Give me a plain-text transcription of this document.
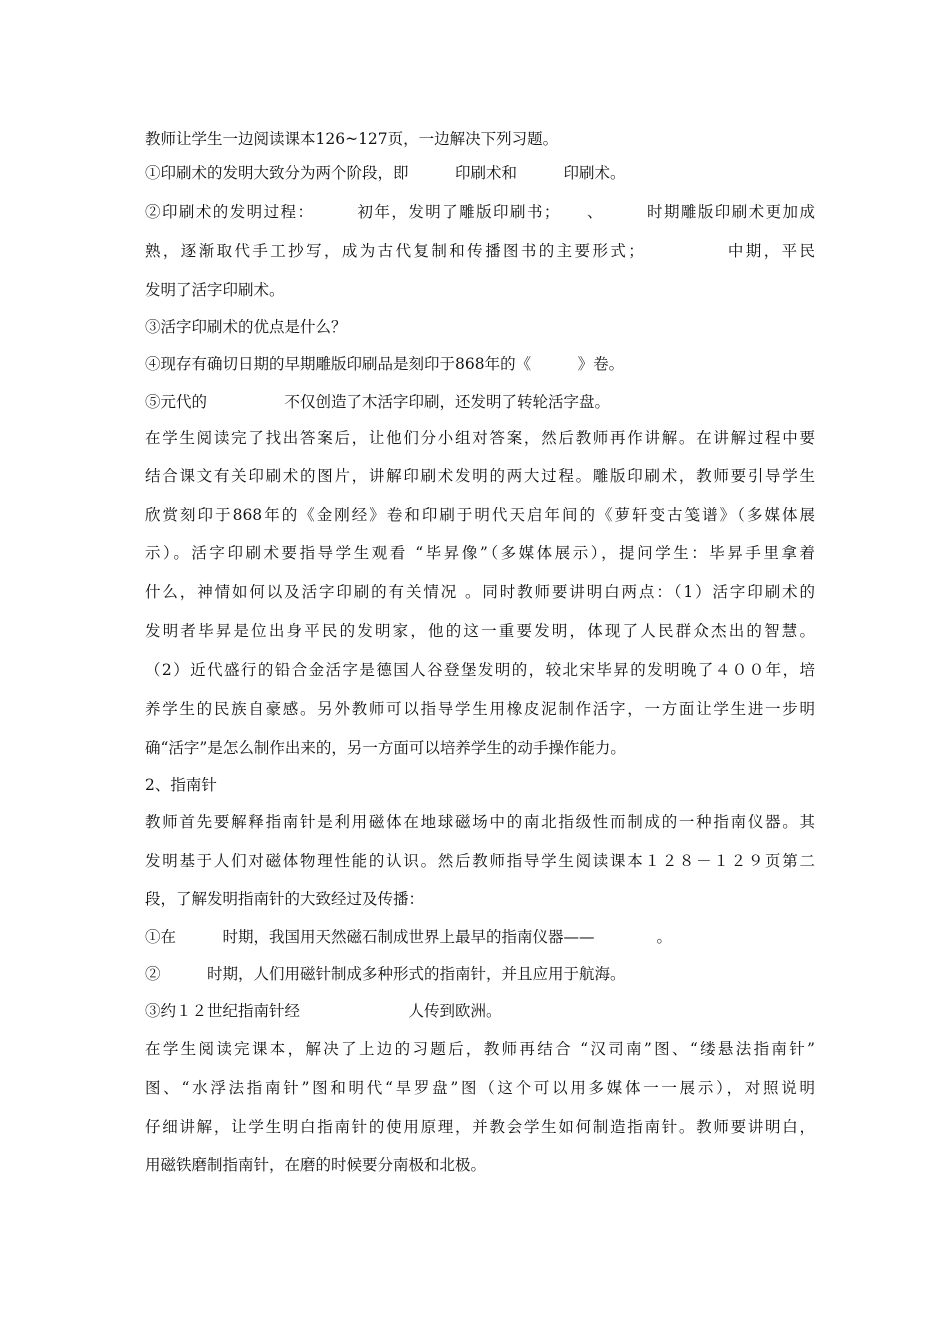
教师让学生一边阅读课本126~127页，一边解决下列习题。
①印刷术的发明大致分为两个阶段，即　　　印刷术和　　　印刷术。
②印刷术的发明过程：　　　初年，发明了雕版印刷书；　　、　　　时期雕版印刷术更加成
熟，逐渐取代手工抄写，成为古代复制和传播图书的主要形式；　　　　　中期，平民
发明了活字印刷术。
③活字印刷术的优点是什么？
④现存有确切日期的早期雕版印刷品是刻印于868年的《　　　》卷。
⑤元代的　　　　　不仅创造了木活字印刷，还发明了转轮活字盘。
在学生阅读完了找出答案后，让他们分小组对答案，然后教师再作讲解。在讲解过程中要
结合课文有关印刷术的图片，讲解印刷术发明的两大过程。雕版印刷术，教师要引导学生
欣赏刻印于868年的《金刚经》卷和印刷于明代天启年间的《萝轩变古笺谱》（多媒体展
示）。活字印刷术要指导学生观看 “毕昇像”（多媒体展示），提问学生：毕昇手里拿着
什么，神情如何以及活字印刷的有关情况 。同时教师要讲明白两点：（1）活字印刷术的
发明者毕昇是位出身平民的发明家，他的这一重要发明，体现了人民群众杰出的智慧。
（2）近代盛行的铅合金活字是德国人谷登堡发明的，较北宋毕昇的发明晚了４００年，培
养学生的民族自豪感。另外教师可以指导学生用橡皮泥制作活字，一方面让学生进一步明
确“活字”是怎么制作出来的，另一方面可以培养学生的动手操作能力。
2、指南针
教师首先要解释指南针是利用磁体在地球磁场中的南北指级性而制成的一种指南仪器。其
发明基于人们对磁体物理性能的认识。然后教师指导学生阅读课本１２８－１２９页第二
段，了解发明指南针的大致经过及传播：
①在　　　时期，我国用天然磁石制成世界上最早的指南仪器——　　　　。
②　　　时期，人们用磁针制成多种形式的指南针，并且应用于航海。
③约１２世纪指南针经　　　　　　　人传到欧洲。
在学生阅读完课本，解决了上边的习题后，教师再结合 “汉司南”图、“缕悬法指南针”
图、“水浮法指南针”图和明代“旱罗盘”图（这个可以用多媒体一一展示），对照说明
仔细讲解，让学生明白指南针的使用原理，并教会学生如何制造指南针。教师要讲明白，
用磁铁磨制指南针，在磨的时候要分南极和北极。
